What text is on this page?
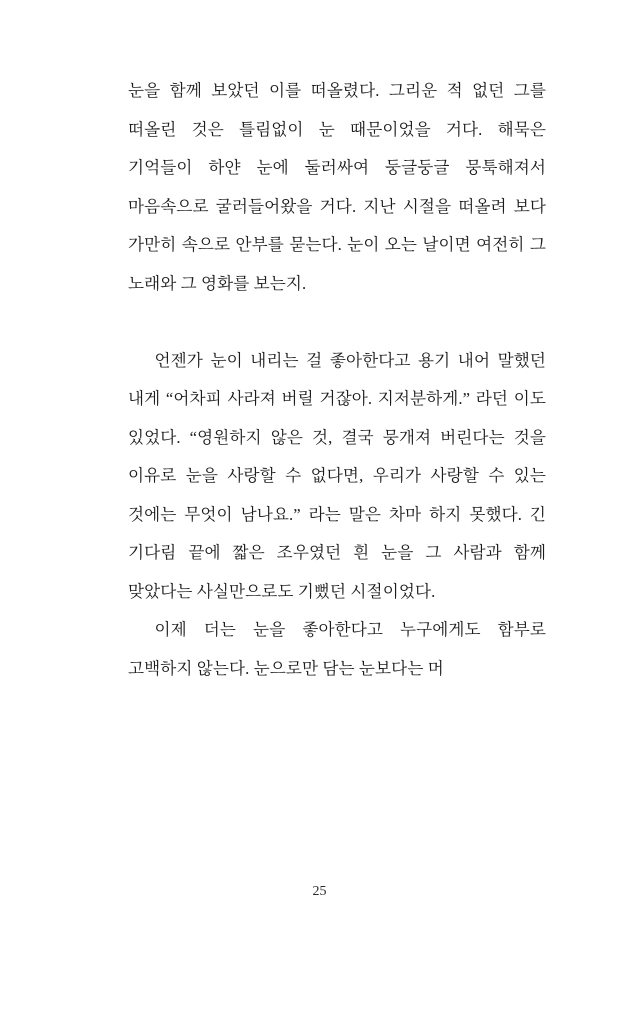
눈을 함께 보았던 이를 떠올렸다. 그리운 적 없던 그를 떠올린 것은 틀림없이 눈 때문이었을 거다. 해묵은 기억들이 하얀 눈에 둘러싸여 둥글둥글 뭉툭해져서 마음속으로 굴러들어왔을 거다. 지난 시절을 떠올려 보다 가만히 속으로 안부를 묻는다. 눈이 오는 날이면 여전히 그 노래와 그 영화를 보는지.

언젠가 눈이 내리는 걸 좋아한다고 용기 내어 말했던 내게 “어차피 사라져 버릴 거잖아. 지저분하게.” 라던 이도 있었다. “영원하지 않은 것, 결국 뭉개져 버린다는 것을 이유로 눈을 사랑할 수 없다면, 우리가 사랑할 수 있는 것에는 무엇이 남나요.” 라는 말은 차마 하지 못했다. 긴 기다림 끝에 짧은 조우였던 흰 눈을 그 사람과 함께 맞았다는 사실만으로도 기뻤던 시절이었다.

이제 더는 눈을 좋아한다고 누구에게도 함부로 고백하지 않는다. 눈으로만 담는 눈보다는 머

25
